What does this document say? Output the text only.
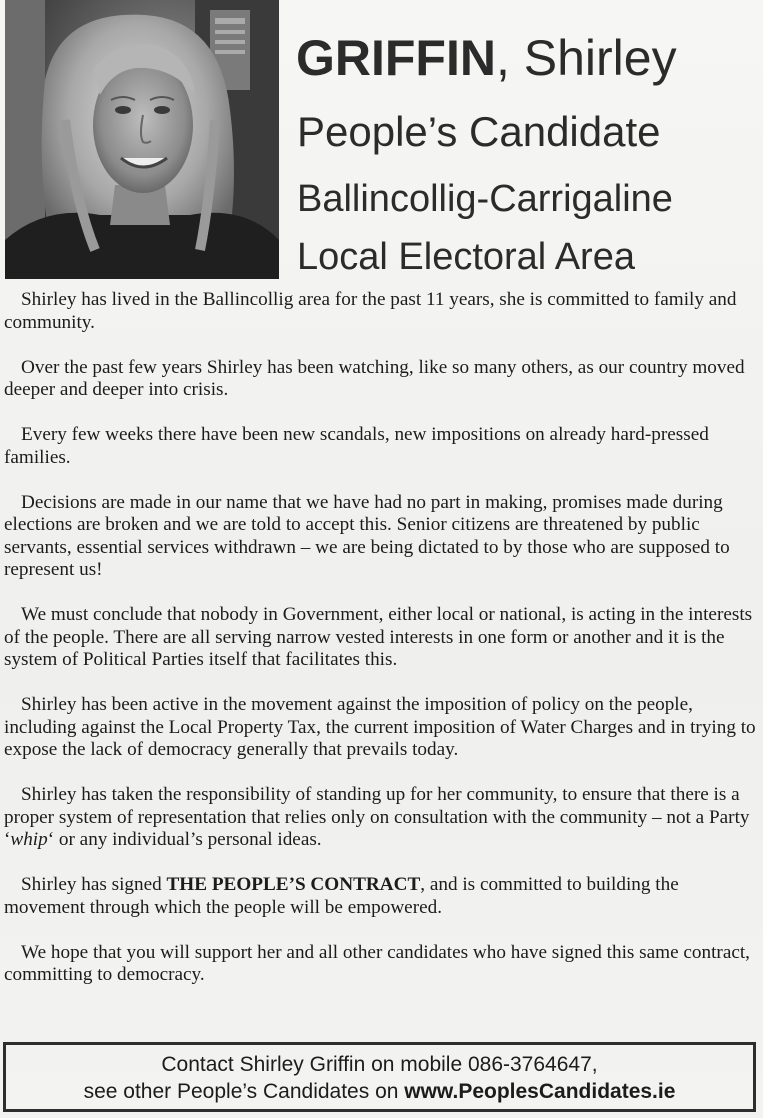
GRIFFIN, Shirley
People’s Candidate
Ballincollig-Carrigaline
Local Electoral Area

Shirley has lived in the Ballincollig area for the past 11 years, she is committed to family and community.

Over the past few years Shirley has been watching, like so many others, as our country moved deeper and deeper into crisis.

Every few weeks there have been new scandals, new impositions on already hard-pressed families.

Decisions are made in our name that we have had no part in making, promises made during elections are broken and we are told to accept this. Senior citizens are threatened by public servants, essential services withdrawn – we are being dictated to by those who are supposed to represent us!

We must conclude that nobody in Government, either local or national, is acting in the interests of the people. There are all serving narrow vested interests in one form or another and it is the system of Political Parties itself that facilitates this.

Shirley has been active in the movement against the imposition of policy on the people, including against the Local Property Tax, the current imposition of Water Charges and in trying to expose the lack of democracy generally that prevails today.

Shirley has taken the responsibility of standing up for her community, to ensure that there is a proper system of representation that relies only on consultation with the community – not a Party ‘whip‘ or any individual’s personal ideas.

Shirley has signed THE PEOPLE’S CONTRACT, and is committed to building the movement through which the people will be empowered.

We hope that you will support her and all other candidates who have signed this same contract, committing to democracy.

Contact Shirley Griffin on mobile 086-3764647,
see other People’s Candidates on www.PeoplesCandidates.ie
